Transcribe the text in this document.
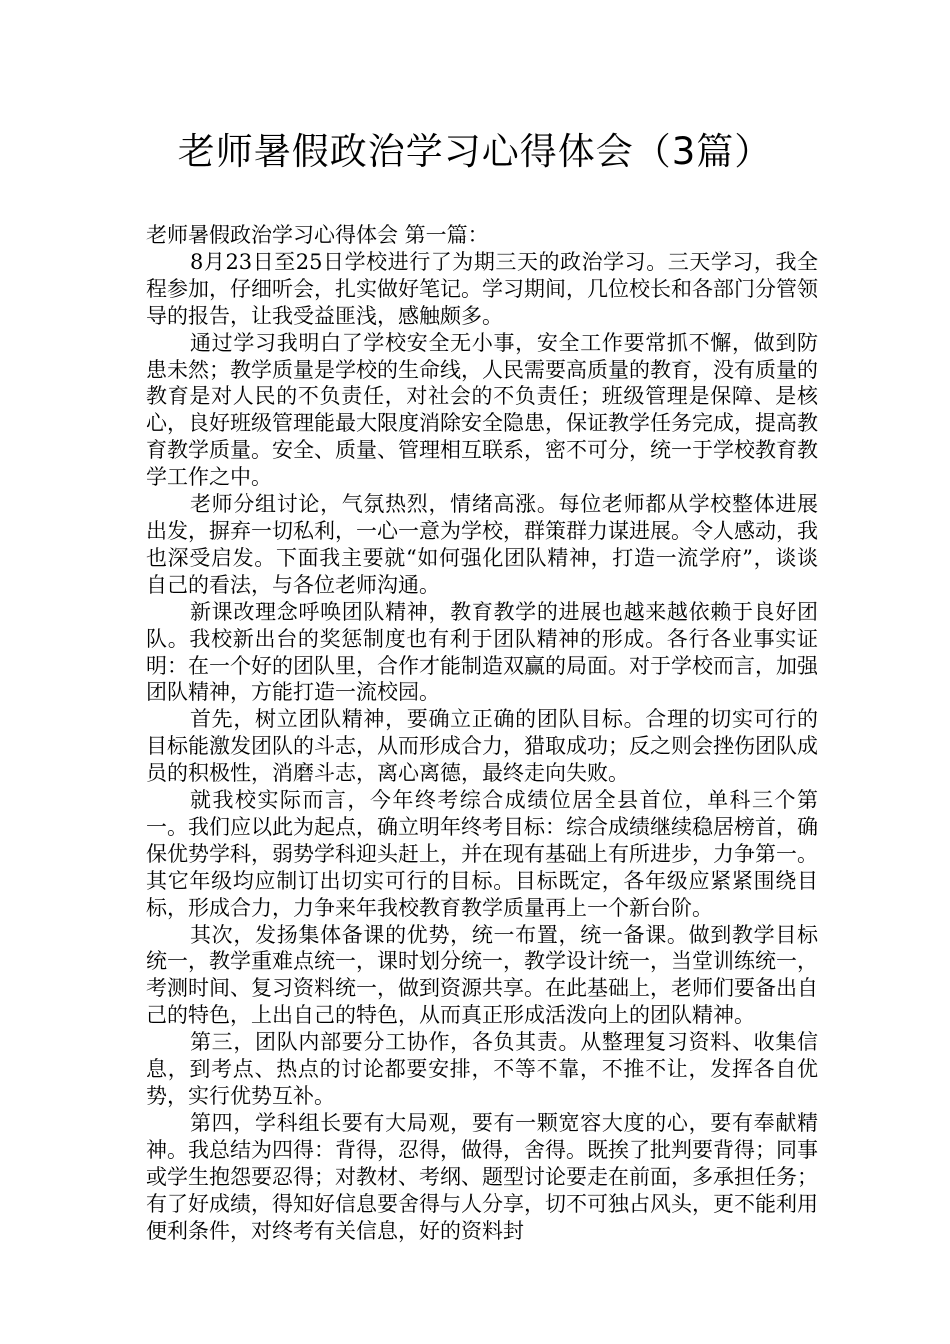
老师暑假政治学习心得体会（3篇）

老师暑假政治学习心得体会 第一篇：

8月23日至25日学校进行了为期三天的政治学习。三天学习，我全程参加，仔细听会，扎实做好笔记。学习期间，几位校长和各部门分管领导的报告，让我受益匪浅，感触颇多。

通过学习我明白了学校安全无小事，安全工作要常抓不懈，做到防患未然；教学质量是学校的生命线，人民需要高质量的教育，没有质量的教育是对人民的不负责任，对社会的不负责任；班级管理是保障、是核心，良好班级管理能最大限度消除安全隐患，保证教学任务完成，提高教育教学质量。安全、质量、管理相互联系，密不可分，统一于学校教育教学工作之中。

老师分组讨论，气氛热烈，情绪高涨。每位老师都从学校整体进展出发，摒弃一切私利，一心一意为学校，群策群力谋进展。令人感动，我也深受启发。下面我主要就“如何强化团队精神，打造一流学府”，谈谈自己的看法，与各位老师沟通。

新课改理念呼唤团队精神，教育教学的进展也越来越依赖于良好团队。我校新出台的奖惩制度也有利于团队精神的形成。各行各业事实证明：在一个好的团队里，合作才能制造双赢的局面。对于学校而言，加强团队精神，方能打造一流校园。

首先，树立团队精神，要确立正确的团队目标。合理的切实可行的目标能激发团队的斗志，从而形成合力，猎取成功；反之则会挫伤团队成员的积极性，消磨斗志，离心离德，最终走向失败。

就我校实际而言，今年终考综合成绩位居全县首位，单科三个第一。我们应以此为起点，确立明年终考目标：综合成绩继续稳居榜首，确保优势学科，弱势学科迎头赶上，并在现有基础上有所进步，力争第一。其它年级均应制订出切实可行的目标。目标既定，各年级应紧紧围绕目标，形成合力，力争来年我校教育教学质量再上一个新台阶。

其次，发扬集体备课的优势，统一布置，统一备课。做到教学目标统一，教学重难点统一，课时划分统一，教学设计统一，当堂训练统一，考测时间、复习资料统一，做到资源共享。在此基础上，老师们要备出自己的特色，上出自己的特色，从而真正形成活泼向上的团队精神。

第三，团队内部要分工协作，各负其责。从整理复习资料、收集信息，到考点、热点的讨论都要安排，不等不靠，不推不让，发挥各自优势，实行优势互补。

第四，学科组长要有大局观，要有一颗宽容大度的心，要有奉献精神。我总结为四得：背得，忍得，做得，舍得。既挨了批判要背得；同事或学生抱怨要忍得；对教材、考纲、题型讨论要走在前面，多承担任务；有了好成绩，得知好信息要舍得与人分享，切不可独占风头，更不能利用便利条件，对终考有关信息，好的资料封
